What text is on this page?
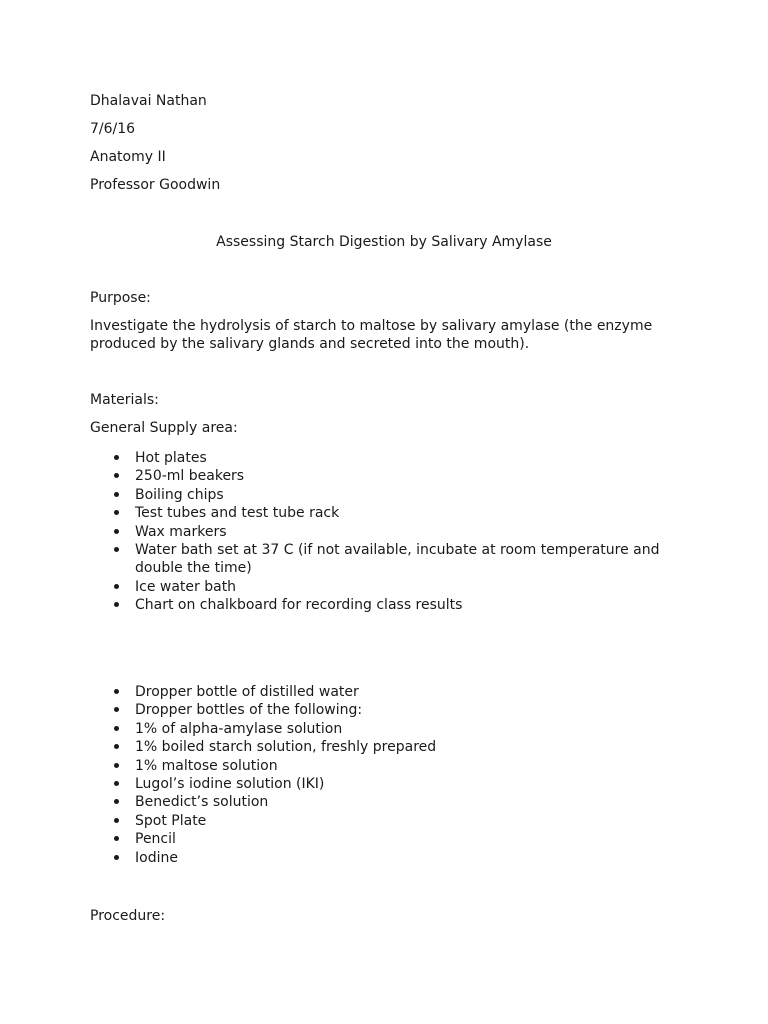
Dhalavai Nathan
7/6/16
Anatomy II
Professor Goodwin
Assessing Starch Digestion by Salivary Amylase
Purpose:
Investigate the hydrolysis of starch to maltose by salivary amylase (the enzyme produced by the salivary glands and secreted into the mouth).
Materials:
General Supply area:
Hot plates
250-ml beakers
Boiling chips
Test tubes and test tube rack
Wax markers
Water bath set at 37 C (if not available, incubate at room temperature and double the time)
Ice water bath
Chart on chalkboard for recording class results
Dropper bottle of distilled water
Dropper bottles of the following:
1% of alpha-amylase solution
1% boiled starch solution, freshly prepared
1% maltose solution
Lugol’s iodine solution (IKI)
Benedict’s solution
Spot Plate
Pencil
Iodine
Procedure:
